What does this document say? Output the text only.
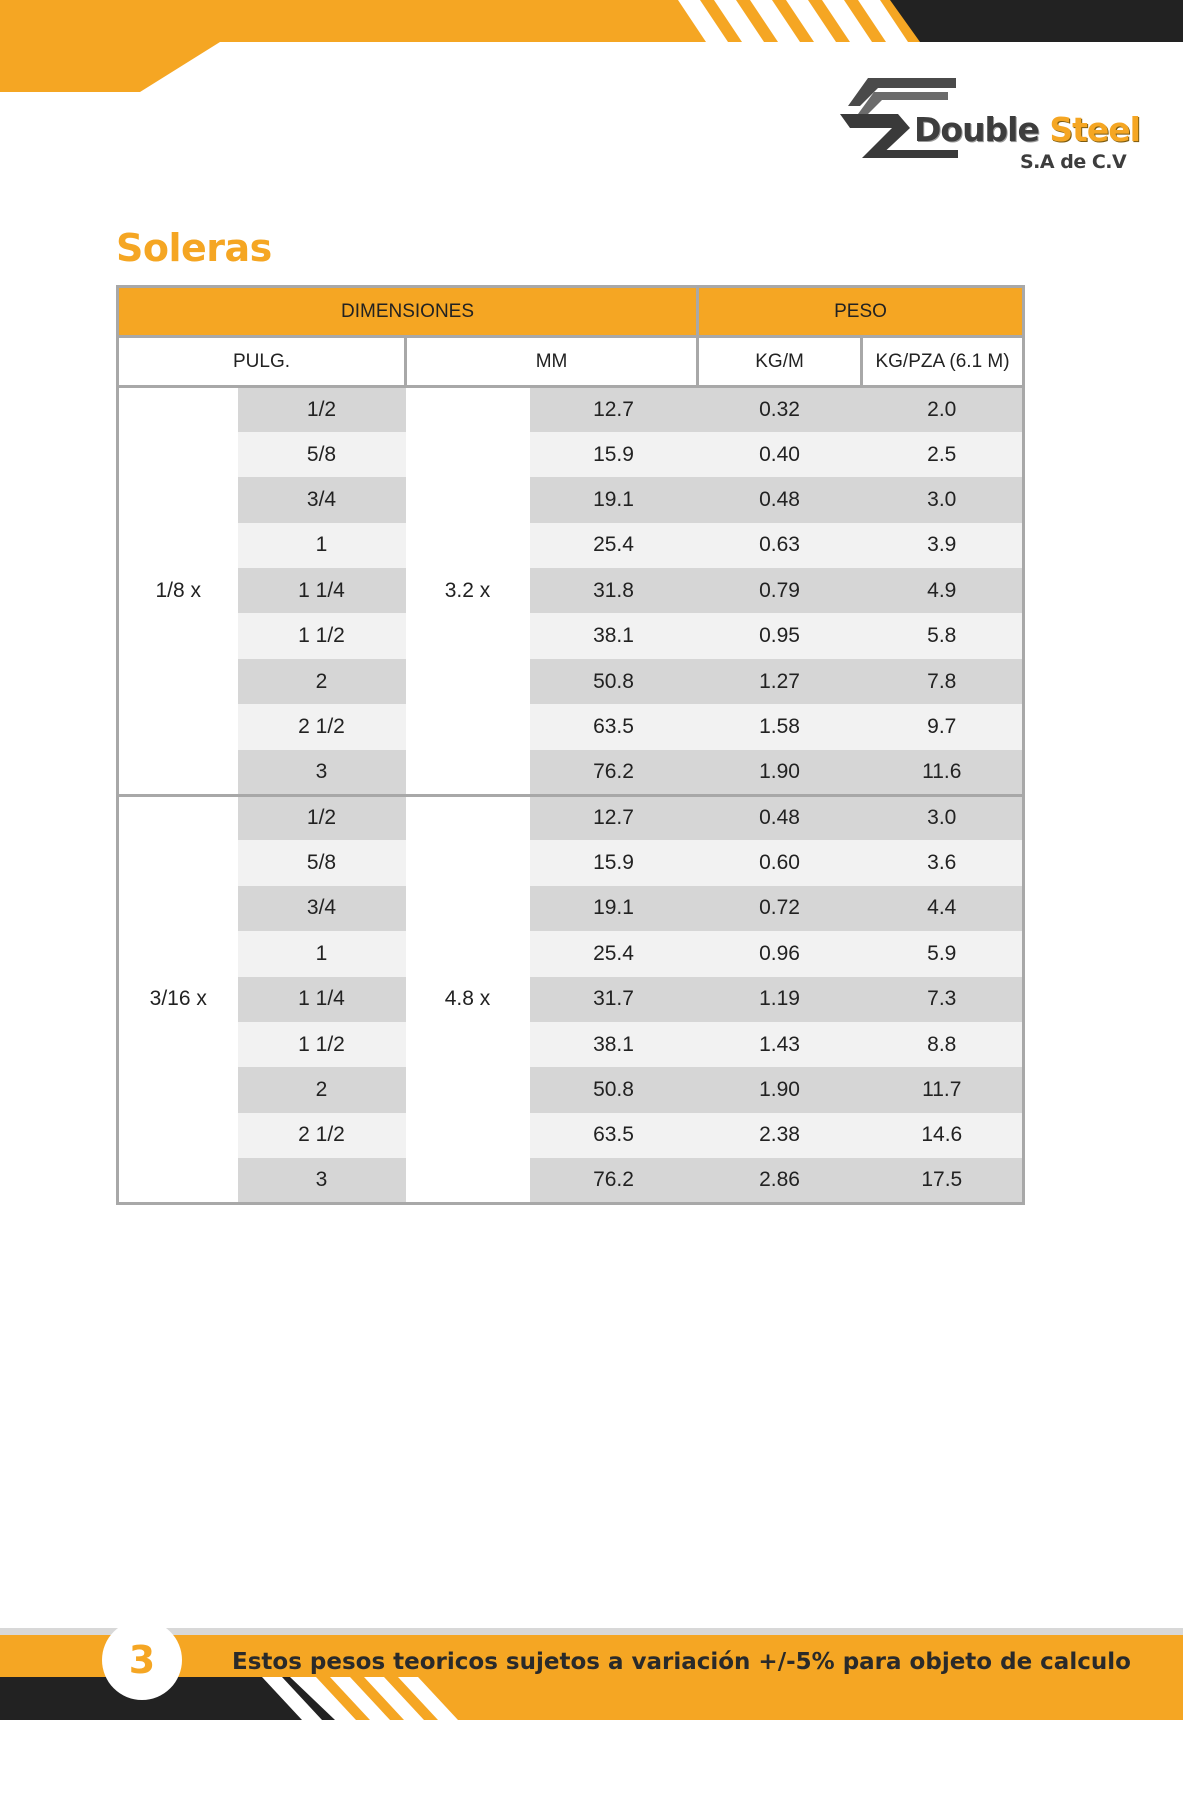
Double Steel
S.A de C.V
Soleras
DIMENSIONES				PESO	
PULG.		MM		KG/M	KG/PZA (6.1 M)
1/8 x	1/2	3.2 x	12.7	0.32	2.0
	5/8		15.9	0.40	2.5
	3/4		19.1	0.48	3.0
	1		25.4	0.63	3.9
	1 1/4		31.8	0.79	4.9
	1 1/2		38.1	0.95	5.8
	2		50.8	1.27	7.8
	2 1/2		63.5	1.58	9.7
	3		76.2	1.90	11.6
3/16 x	1/2	4.8 x	12.7	0.48	3.0
	5/8		15.9	0.60	3.6
	3/4		19.1	0.72	4.4
	1		25.4	0.96	5.9
	1 1/4		31.7	1.19	7.3
	1 1/2		38.1	1.43	8.8
	2		50.8	1.90	11.7
	2 1/2		63.5	2.38	14.6
	3		76.2	2.86	17.5
3	Estos pesos teoricos sujetos a variación +/-5% para objeto de calculo
